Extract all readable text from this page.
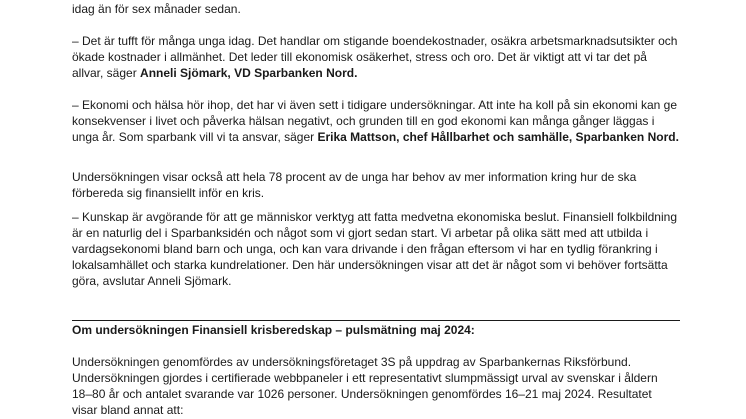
idag än för sex månader sedan.

– Det är tufft för många unga idag. Det handlar om stigande boendekostnader, osäkra arbetsmarknadsutsikter och ökade kostnader i allmänhet. Det leder till ekonomisk osäkerhet, stress och oro. Det är viktigt att vi tar det på allvar, säger Anneli Sjömark, VD Sparbanken Nord.

– Ekonomi och hälsa hör ihop, det har vi även sett i tidigare undersökningar. Att inte ha koll på sin ekonomi kan ge konsekvenser i livet och påverka hälsan negativt, och grunden till en god ekonomi kan många gånger läggas i unga år. Som sparbank vill vi ta ansvar, säger Erika Mattson, chef Hållbarhet och samhälle, Sparbanken Nord.

Undersökningen visar också att hela 78 procent av de unga har behov av mer information kring hur de ska förbereda sig finansiellt inför en kris.

– Kunskap är avgörande för att ge människor verktyg att fatta medvetna ekonomiska beslut. Finansiell folkbildning är en naturlig del i Sparbanksidén och något som vi gjort sedan start. Vi arbetar på olika sätt med att utbilda i vardagsekonomi bland barn och unga, och kan vara drivande i den frågan eftersom vi har en tydlig förankring i lokalsamhället och starka kundrelationer. Den här undersökningen visar att det är något som vi behöver fortsätta göra, avslutar Anneli Sjömark.

Om undersökningen Finansiell krisberedskap – pulsmätning maj 2024:

Undersökningen genomfördes av undersökningsföretaget 3S på uppdrag av Sparbankernas Riksförbund. Undersökningen gjordes i certifierade webbpaneler i ett representativt slumpmässigt urval av svenskar i åldern 18–80 år och antalet svarande var 1026 personer. Undersökningen genomfördes 16–21 maj 2024. Resultatet visar bland annat att:
